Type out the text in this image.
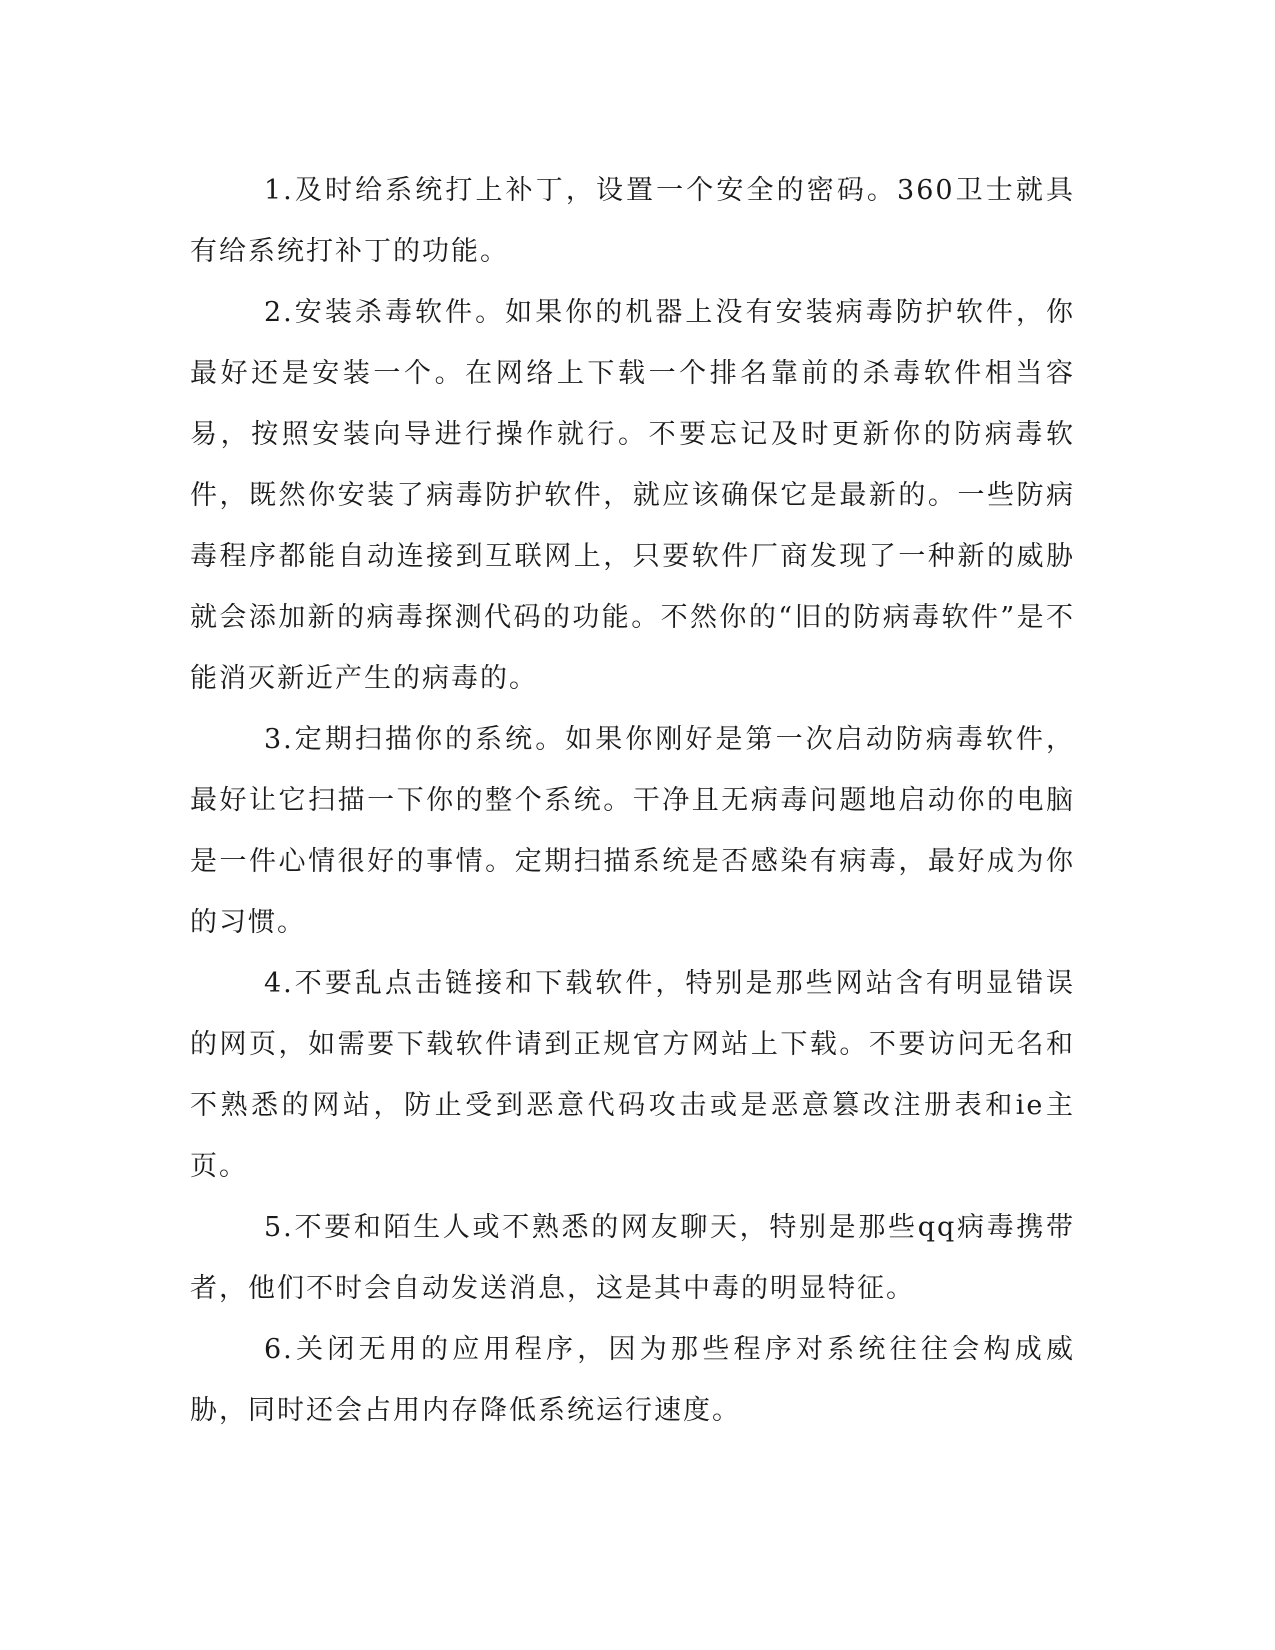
1.及时给系统打上补丁，设置一个安全的密码。360卫士就具有给系统打补丁的功能。

2.安装杀毒软件。如果你的机器上没有安装病毒防护软件，你最好还是安装一个。在网络上下载一个排名靠前的杀毒软件相当容易，按照安装向导进行操作就行。不要忘记及时更新你的防病毒软件，既然你安装了病毒防护软件，就应该确保它是最新的。一些防病毒程序都能自动连接到互联网上，只要软件厂商发现了一种新的威胁就会添加新的病毒探测代码的功能。不然你的“旧的防病毒软件”是不能消灭新近产生的病毒的。

3.定期扫描你的系统。如果你刚好是第一次启动防病毒软件，最好让它扫描一下你的整个系统。干净且无病毒问题地启动你的电脑是一件心情很好的事情。定期扫描系统是否感染有病毒，最好成为你的习惯。

4.不要乱点击链接和下载软件，特别是那些网站含有明显错误的网页，如需要下载软件请到正规官方网站上下载。不要访问无名和不熟悉的网站，防止受到恶意代码攻击或是恶意篡改注册表和ie主页。

5.不要和陌生人或不熟悉的网友聊天，特别是那些qq病毒携带者，他们不时会自动发送消息，这是其中毒的明显特征。

6.关闭无用的应用程序，因为那些程序对系统往往会构成威胁，同时还会占用内存降低系统运行速度。
